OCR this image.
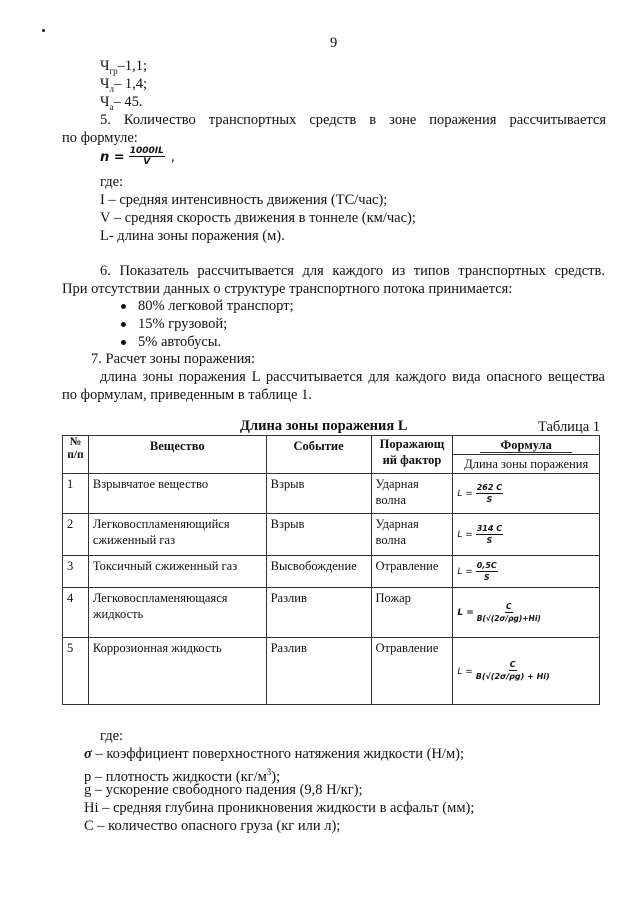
9
$Ч_{гр}-1,1$;
$Ч_л-$ 1,4;
$Ч_а-$ 45.
5. Количество транспортных средств в зоне поражения рассчитывается
по формуле:
$n = \frac{1000IL}{V}$ ,
где:
I – средняя интенсивность движения (ТС/час);
V – средняя скорость движения в тоннеле (км/час);
L- длина зоны поражения (м).
6. Показатель рассчитывается для каждого из типов транспортных средств.
При отсутствии данных о структуре транспортного потока принимается:
80% легковой транспорт;
15% грузовой;
5% автобусы.
7. Расчет зоны поражения:
длина зоны поражения L рассчитывается для каждого вида опасного вещества
по формулам, приведенным в таблице 1.
Длина зоны поражения L	Таблица 1
№ п/п	Вещество	Событие	Поражающ ий фактор	Формула
				Длина зоны поражения
1	Взрывчатое вещество	Взрыв	Ударная волна	$L = \frac{262 C}{S}$

2	Легковоспламеняющийся сжиженный газ	Взрыв	Ударная волна	$L = \frac{314 C}{S}$

3	Токсичный сжиженный газ	Высвобождение	Отравление	$L = \frac{0,5C}{S}$

4	Легковоспламеняющаяся жидкость	Разлив	Пожар	$L = \frac{C}{B(√(2\sigma/\rho g)+Hi)}$

5	Коррозионная жидкость	Разлив	Отравление	$L = \frac{C}{B(√(2\sigma/\rho g) + Hi)}$
где:
σ – коэффициент поверхностного натяжения жидкости (Н/м);
р – плотность жидкости $(кг/м^3)$;
g – ускорение свободного падения (9,8 Н/кг);
Hi – средняя глубина проникновения жидкости в асфальт (мм);
С – количество опасного груза (кг или л);
